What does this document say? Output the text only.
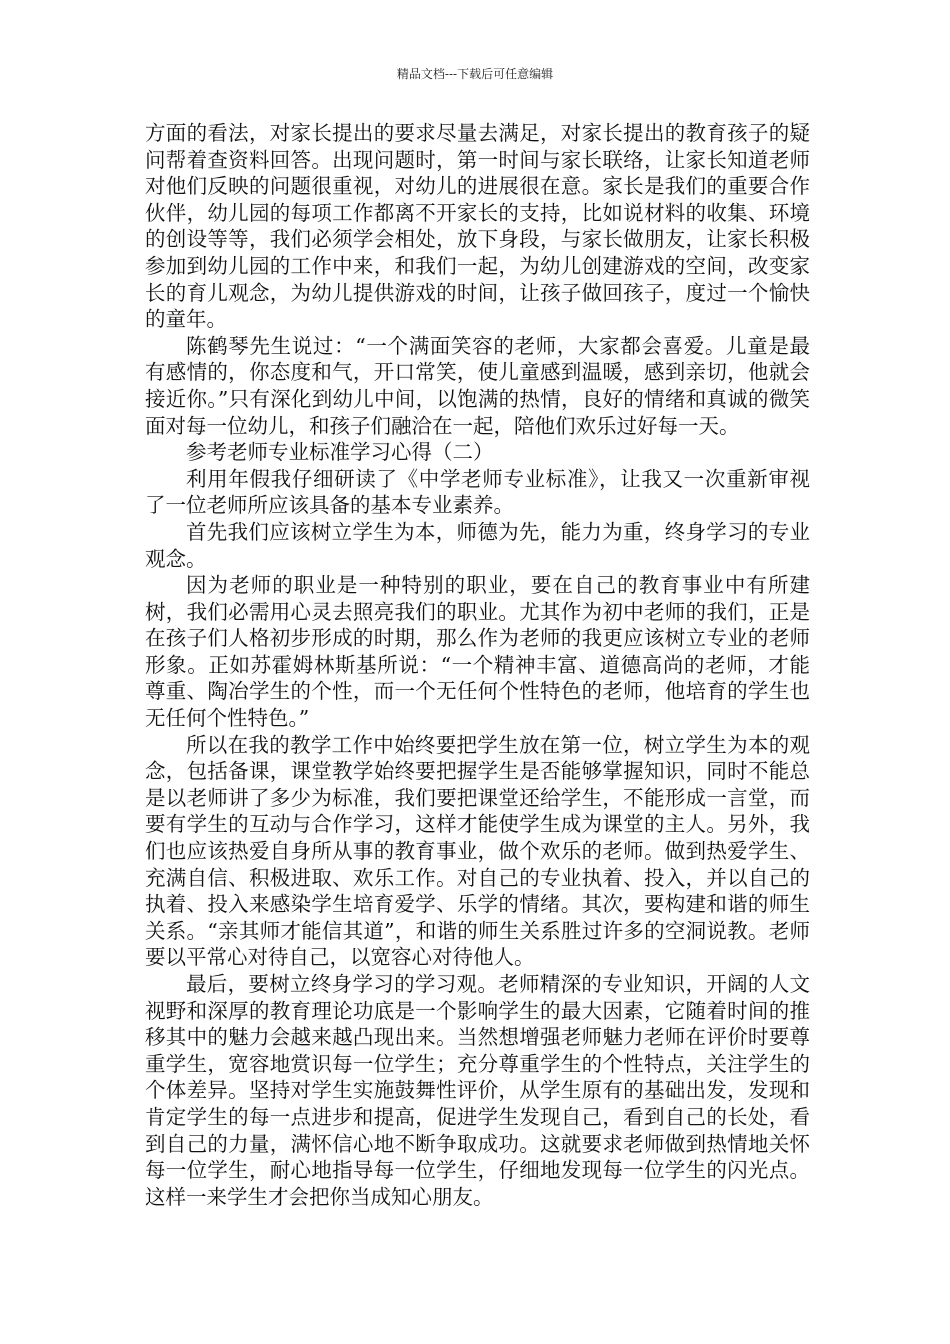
精品文档---下载后可任意编辑

方面的看法，对家长提出的要求尽量去满足，对家长提出的教育孩子的疑问帮着查资料回答。出现问题时，第一时间与家长联络，让家长知道老师对他们反映的问题很重视，对幼儿的进展很在意。家长是我们的重要合作伙伴，幼儿园的每项工作都离不开家长的支持，比如说材料的收集、环境的创设等等，我们必须学会相处，放下身段，与家长做朋友，让家长积极参加到幼儿园的工作中来，和我们一起，为幼儿创建游戏的空间，改变家长的育儿观念，为幼儿提供游戏的时间，让孩子做回孩子，度过一个愉快的童年。

陈鹤琴先生说过：“一个满面笑容的老师，大家都会喜爱。儿童是最有感情的，你态度和气，开口常笑，使儿童感到温暖，感到亲切，他就会接近你。”只有深化到幼儿中间，以饱满的热情，良好的情绪和真诚的微笑面对每一位幼儿，和孩子们融洽在一起，陪他们欢乐过好每一天。

参考老师专业标准学习心得（二）

利用年假我仔细研读了《中学老师专业标准》，让我又一次重新审视了一位老师所应该具备的基本专业素养。

首先我们应该树立学生为本，师德为先，能力为重，终身学习的专业观念。

因为老师的职业是一种特别的职业，要在自己的教育事业中有所建树，我们必需用心灵去照亮我们的职业。尤其作为初中老师的我们，正是在孩子们人格初步形成的时期，那么作为老师的我更应该树立专业的老师形象。正如苏霍姆林斯基所说：“一个精神丰富、道德高尚的老师，才能尊重、陶冶学生的个性，而一个无任何个性特色的老师，他培育的学生也无任何个性特色。”

所以在我的教学工作中始终要把学生放在第一位，树立学生为本的观念，包括备课，课堂教学始终要把握学生是否能够掌握知识，同时不能总是以老师讲了多少为标准，我们要把课堂还给学生，不能形成一言堂，而要有学生的互动与合作学习，这样才能使学生成为课堂的主人。另外，我们也应该热爱自身所从事的教育事业，做个欢乐的老师。做到热爱学生、充满自信、积极进取、欢乐工作。对自己的专业执着、投入，并以自己的执着、投入来感染学生培育爱学、乐学的情绪。其次，要构建和谐的师生关系。“亲其师才能信其道”，和谐的师生关系胜过许多的空洞说教。老师要以平常心对待自己，以宽容心对待他人。

最后，要树立终身学习的学习观。老师精深的专业知识，开阔的人文视野和深厚的教育理论功底是一个影响学生的最大因素，它随着时间的推移其中的魅力会越来越凸现出来。当然想增强老师魅力老师在评价时要尊重学生，宽容地赏识每一位学生；充分尊重学生的个性特点，关注学生的个体差异。坚持对学生实施鼓舞性评价，从学生原有的基础出发，发现和肯定学生的每一点进步和提高，促进学生发现自己，看到自己的长处，看到自己的力量，满怀信心地不断争取成功。这就要求老师做到热情地关怀每一位学生，耐心地指导每一位学生，仔细地发现每一位学生的闪光点。这样一来学生才会把你当成知心朋友。
